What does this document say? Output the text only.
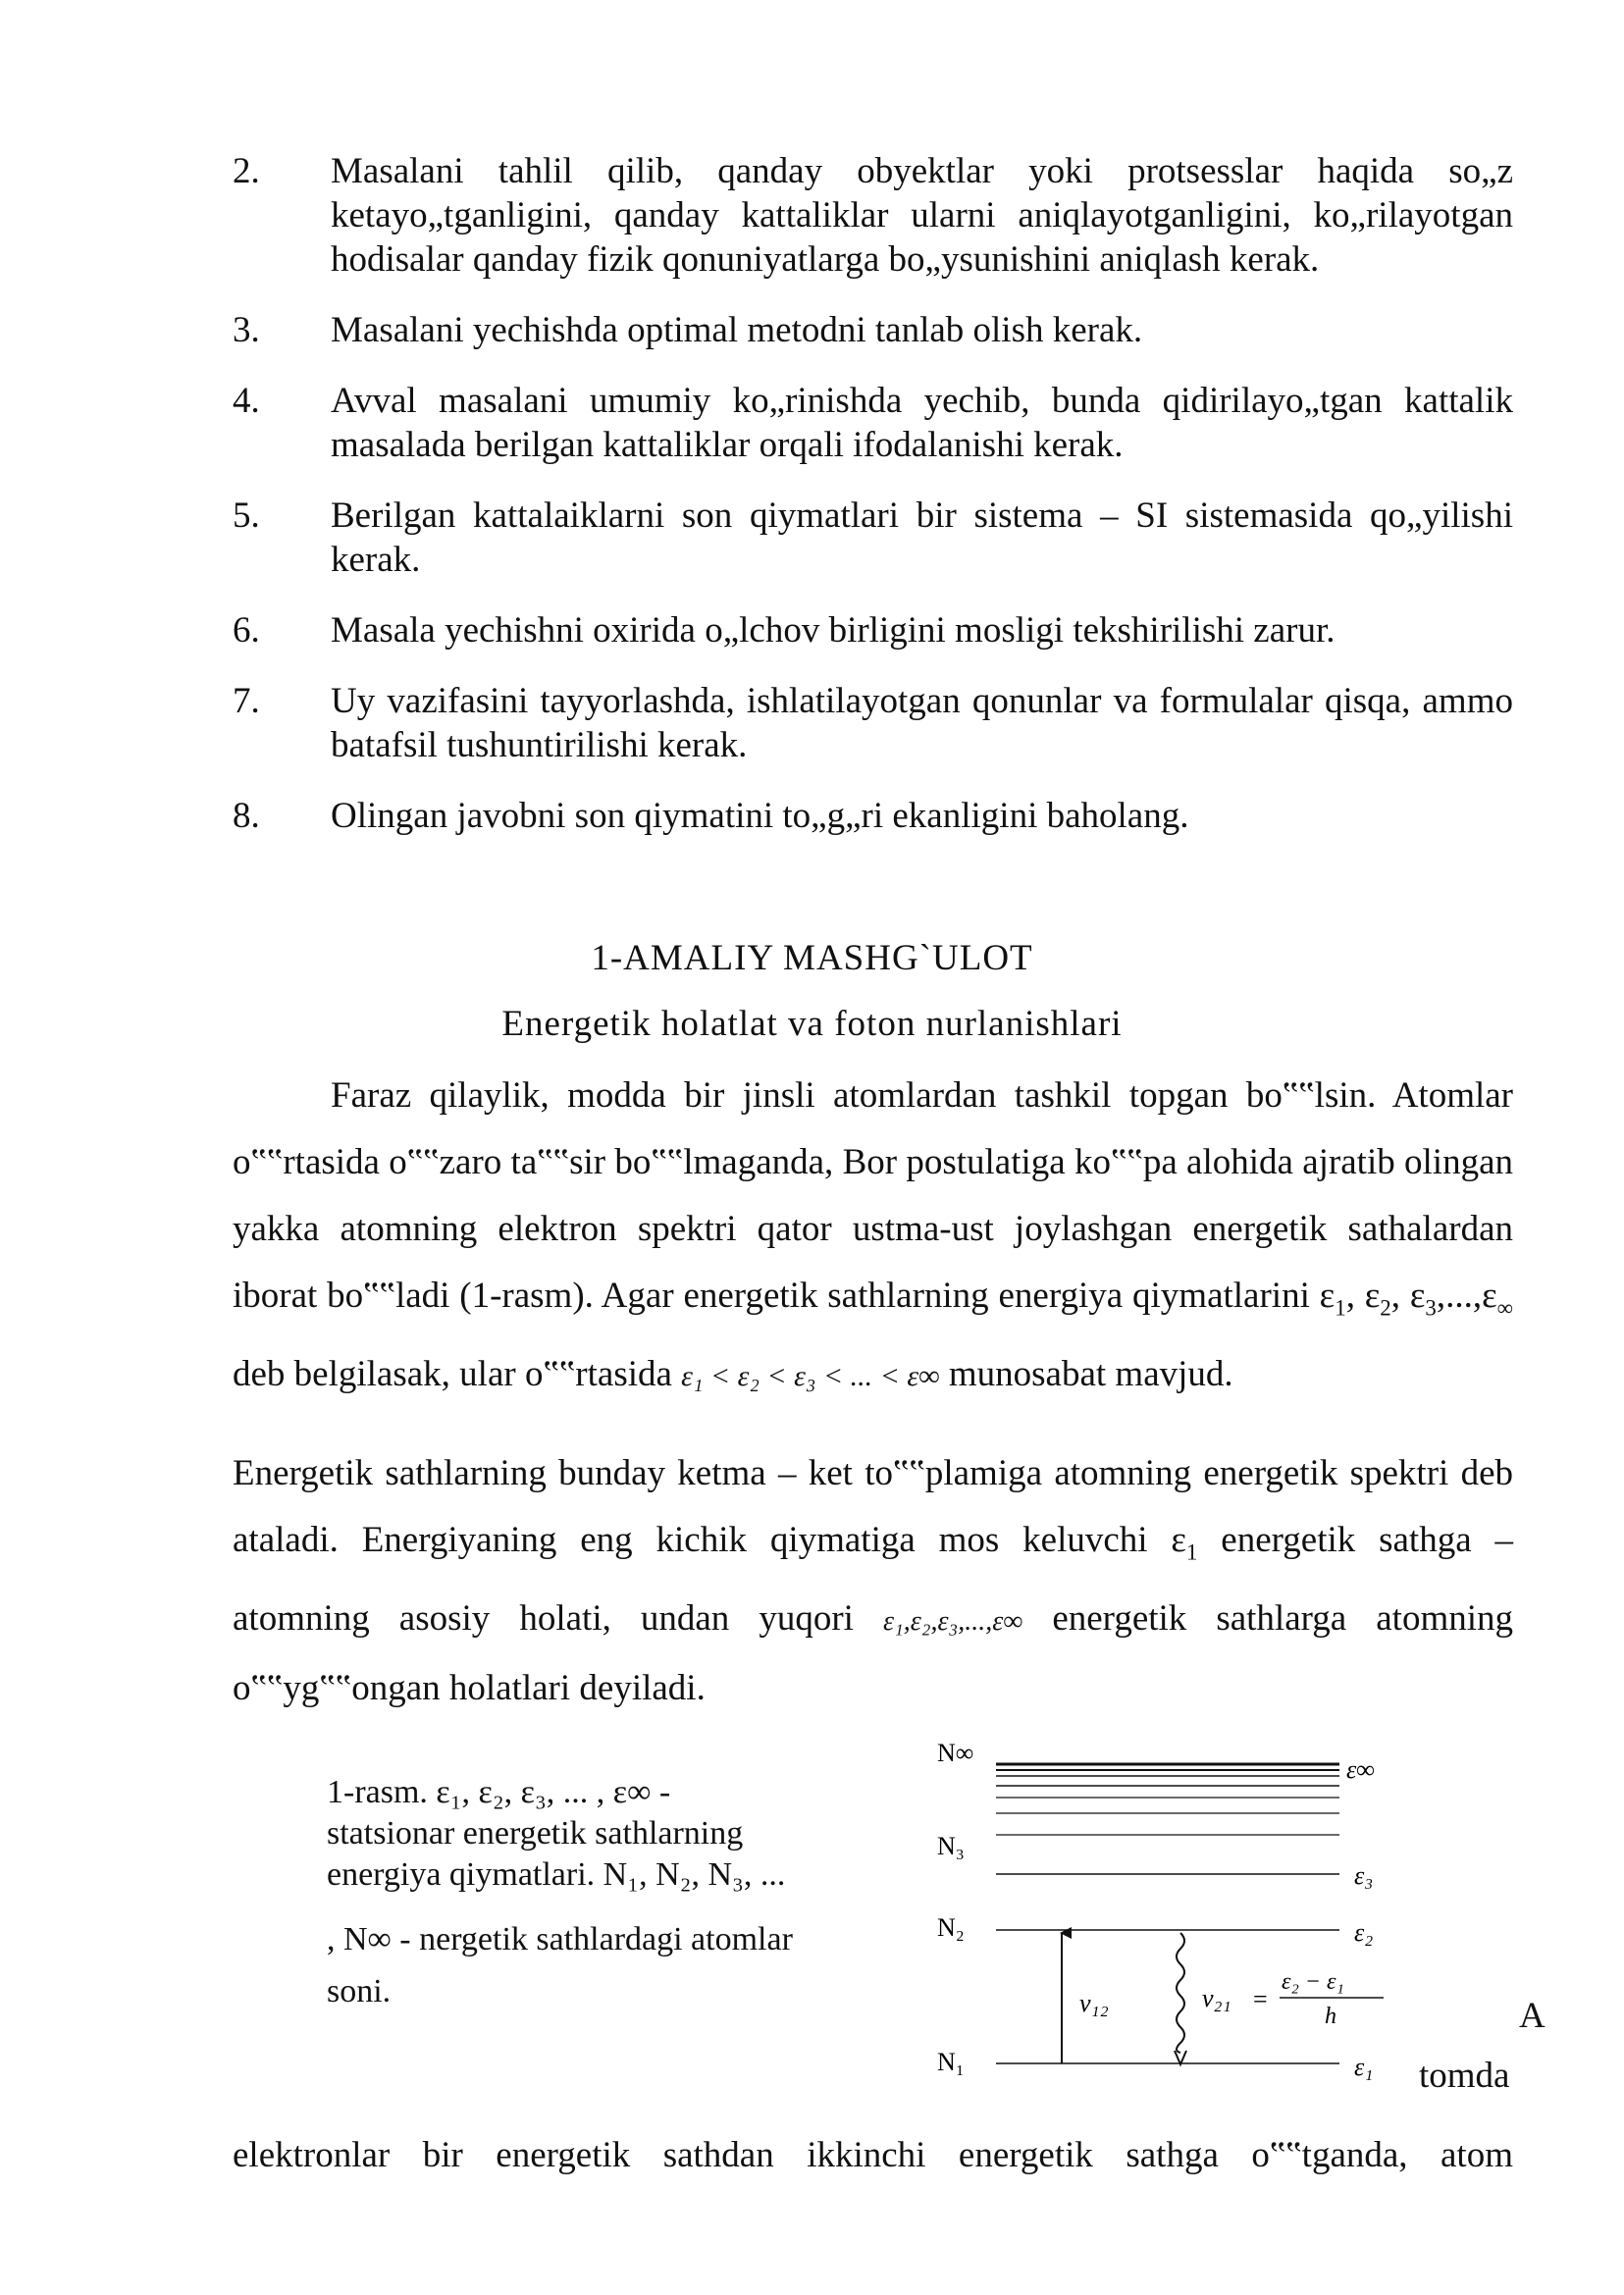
2.	Masalani tahlil qilib, qanday obyektlar yoki protsesslar haqida so„z ketayo„tganligini, qanday kattaliklar ularni aniqlayotganligini, ko„rilayotgan hodisalar qanday fizik qonuniyatlarga bo„ysunishini aniqlash kerak.
3.	Masalani yechishda optimal metodni tanlab olish kerak.
4.	Avval masalani umumiy ko„rinishda yechib, bunda qidirilayo„tgan kattalik masalada berilgan kattaliklar orqali ifodalanishi kerak.
5.	Berilgan kattalaiklarni son qiymatlari bir sistema – SI sistemasida qo„yilishi kerak.
6.	Masala yechishni oxirida o„lchov birligini mosligi tekshirilishi zarur.
7.	Uy vazifasini tayyorlashda, ishlatilayotgan qonunlar va formulalar qisqa, ammo batafsil tushuntirilishi kerak.
8.	Olingan javobni son qiymatini to„g„ri ekanligini baholang.
1-AMALIY MASHG`ULOT
Energetik holatlat va foton nurlanishlari
Faraz qilaylik, modda bir jinsli atomlardan tashkil topgan bo‟‟lsin. Atomlar o‟‟rtasida o‟‟zaro ta‟‟sir bo‟‟lmaganda, Bor postulatiga ko‟‟pa alohida ajratib olingan yakka atomning elektron spektri qator ustma-ust joylashgan energetik sathalardan iborat bo‟‟ladi (1-rasm). Agar energetik sathlarning energiya qiymatlarini $\varepsilon_1$, $\varepsilon_2$, $\varepsilon_3,...,\varepsilon_\infty$ deb belgilasak, ular o‟‟rtasida ε₁ < ε₂ < ε₃ < ... < ε∞ munosabat mavjud.
Energetik sathlarning bunday ketma – ket to‟‟plamiga atomning energetik spektri deb ataladi. Energiyaning eng kichik qiymatiga mos keluvchi $\varepsilon_1$ energetik sathga – atomning asosiy holati, undan yuqori ε₁,ε₂,ε₃,...,ε∞ energetik sathlarga atomning o‟‟yg‟‟ongan holatlari deyiladi.
1-rasm. ε₁, ε₂, ε₃, ... , ε∞ -
statsionar energetik sathlarning
energiya qiymatlari. N₁, N₂, N₃, ...
, N∞ - nergetik sathlardagi atomlar
soni.
N∞
N₃
N₂
N₁
ε∞
ε₃
ε₂
ε₁
ν₁₂	ν₂₁ =
ε₂ − ε₁
h	A
tomda
elektronlar bir energetik sathdan ikkinchi energetik sathga o‟‟tganda, atom
